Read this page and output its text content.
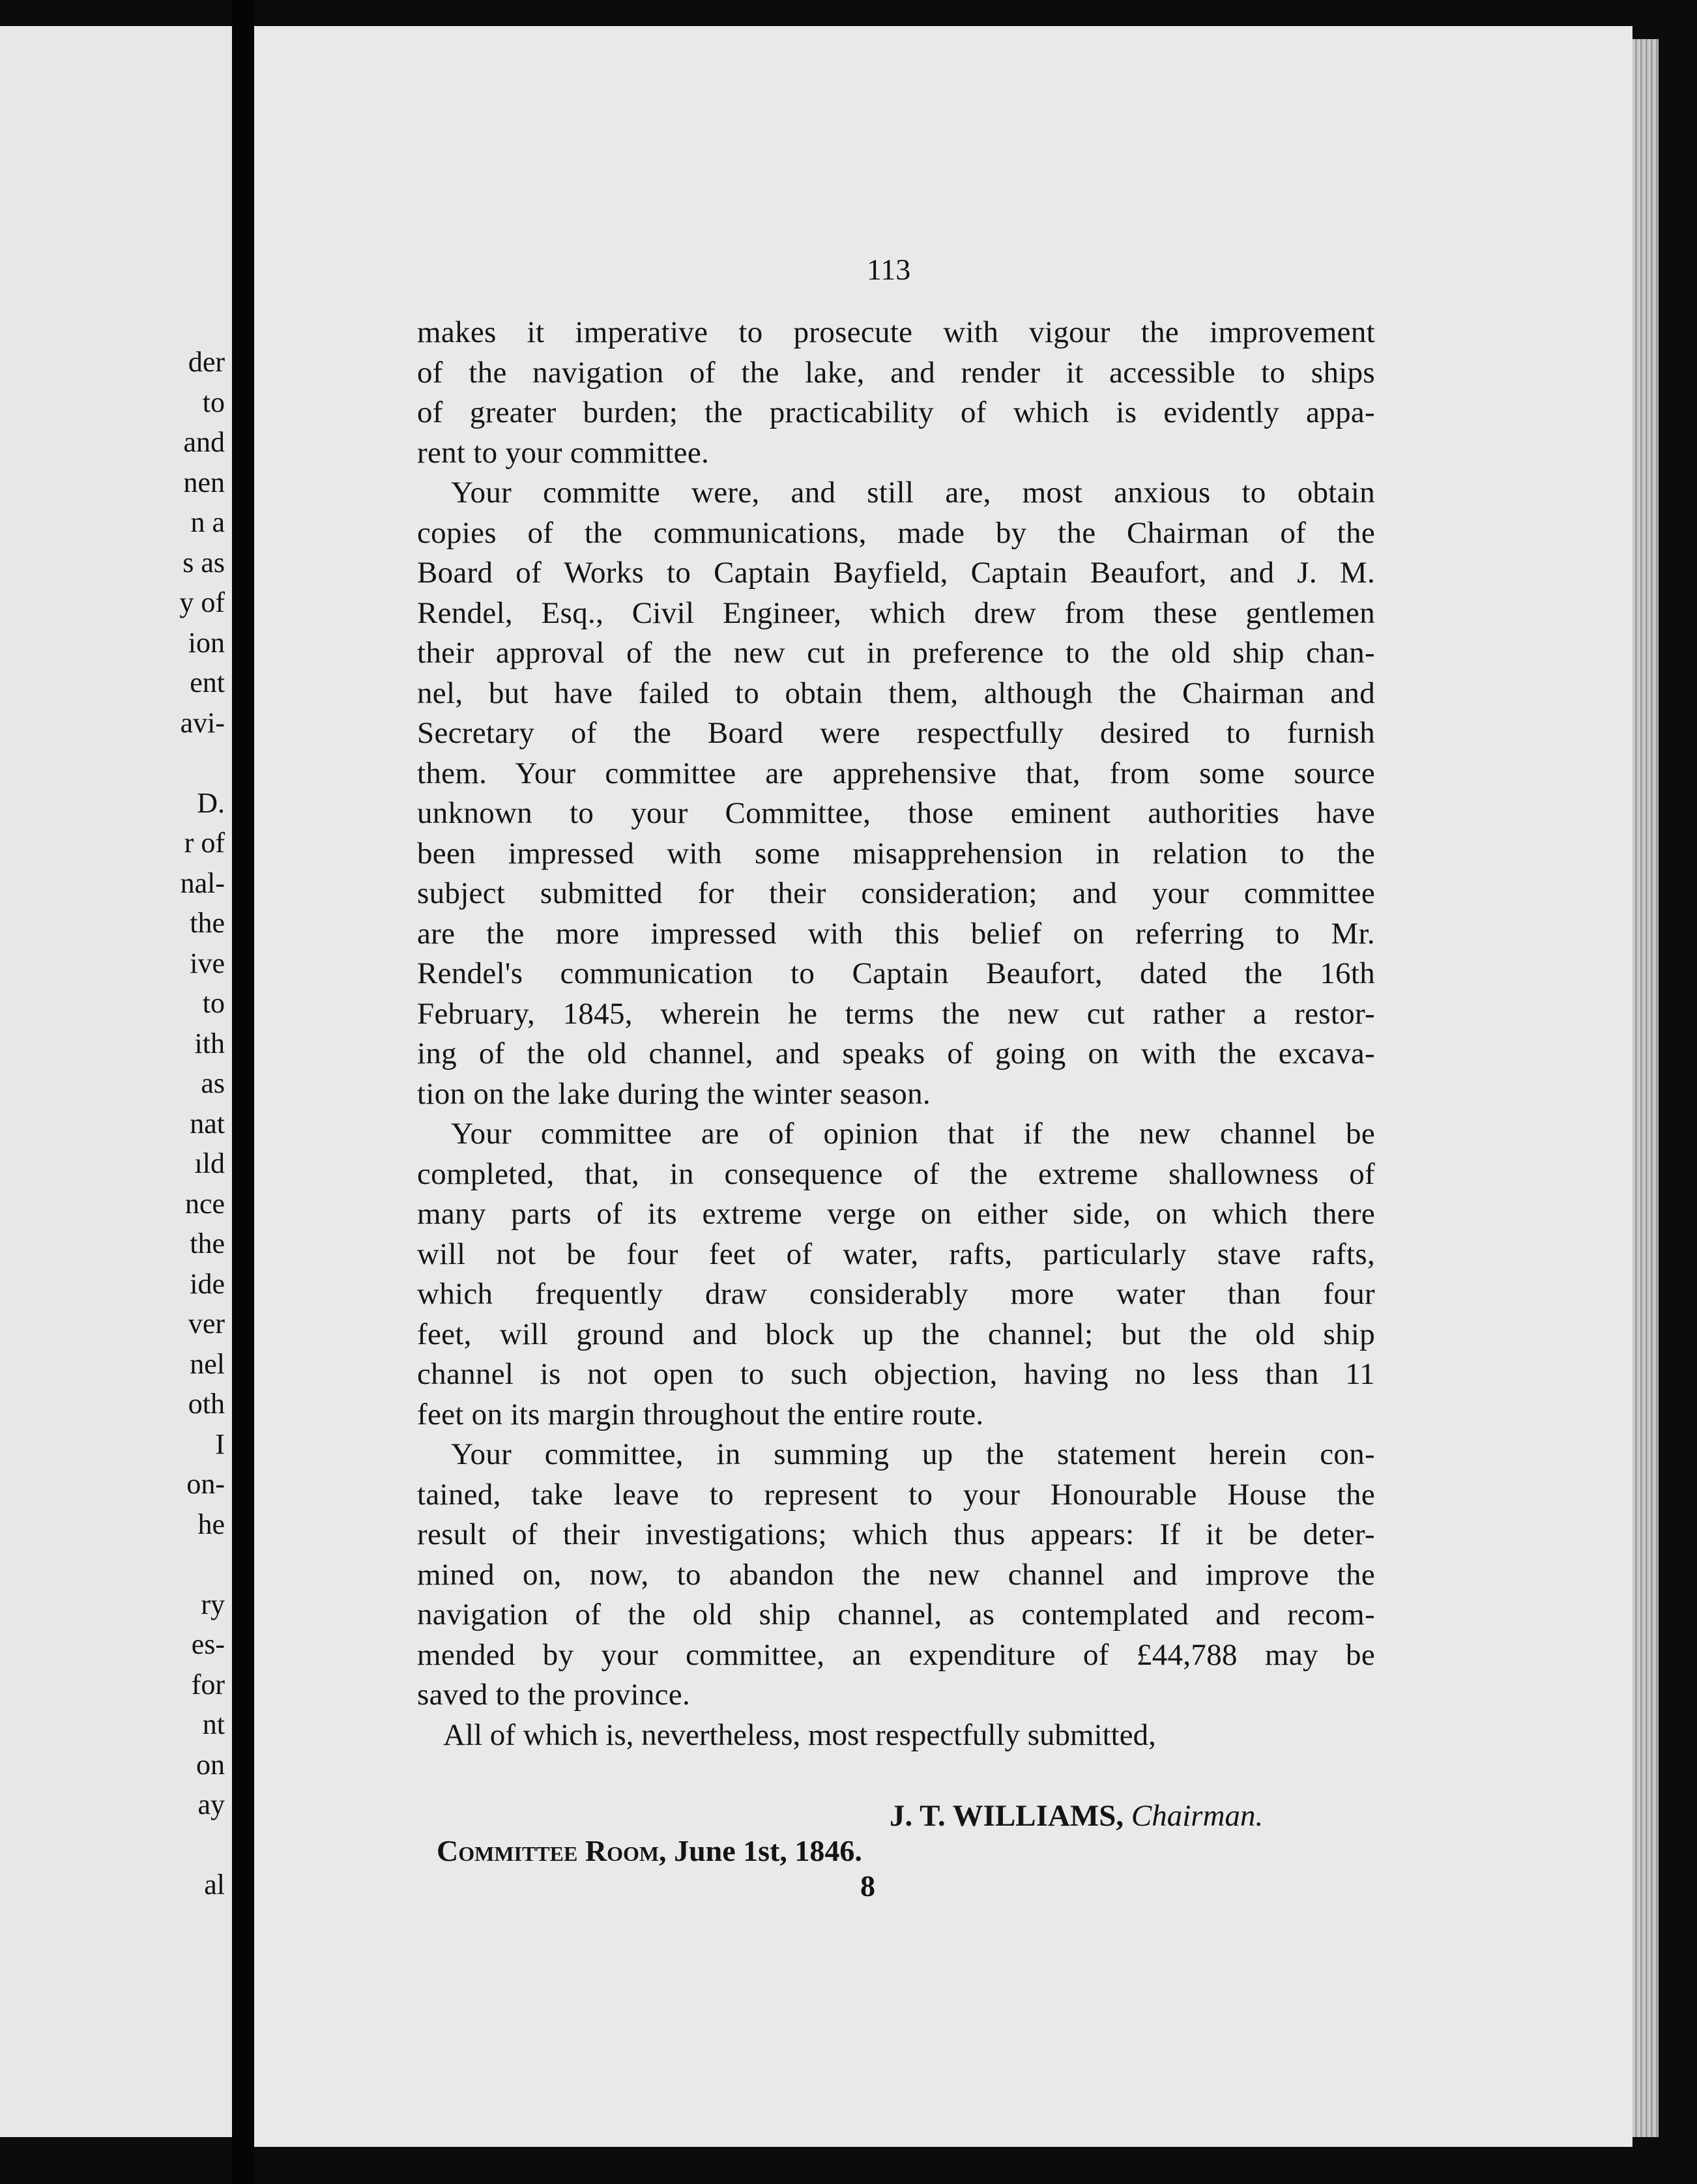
der
to
and
nen
n a
s as
y of
ion
ent
avi-
D.
r of
nal-
the
ive
to
ith
as
nat
ıld
nce
the
ide
ver
nel
oth
I
on-
he
ry
es-
for
nt
on
ay
al
113

makes it imperative to prosecute with vigour the improvement
of the navigation of the lake, and render it accessible to ships
of greater burden; the practicability of which is evidently appa-
rent to your committee.

Your committe were, and still are, most anxious to obtain
copies of the communications, made by the Chairman of the
Board of Works to Captain Bayfield, Captain Beaufort, and J. M.
Rendel, Esq., Civil Engineer, which drew from these gentlemen
their approval of the new cut in preference to the old ship chan-
nel, but have failed to obtain them, although the Chairman and
Secretary of the Board were respectfully desired to furnish
them. Your committee are apprehensive that, from some source
unknown to your Committee, those eminent authorities have
been impressed with some misapprehension in relation to the
subject submitted for their consideration; and your committee
are the more impressed with this belief on referring to Mr.
Rendel's communication to Captain Beaufort, dated the 16th
February, 1845, wherein he terms the new cut rather a restor-
ing of the old channel, and speaks of going on with the excava-
tion on the lake during the winter season.

Your committee are of opinion that if the new channel be
completed, that, in consequence of the extreme shallowness of
many parts of its extreme verge on either side, on which there
will not be four feet of water, rafts, particularly stave rafts,
which frequently draw considerably more water than four
feet, will ground and block up the channel; but the old ship
channel is not open to such objection, having no less than 11
feet on its margin throughout the entire route.

Your committee, in summing up the statement herein con-
tained, take leave to represent to your Honourable House the
result of their investigations; which thus appears: If it be deter-
mined on, now, to abandon the new channel and improve the
navigation of the old ship channel, as contemplated and recom-
mended by your committee, an expenditure of £44,788 may be
saved to the province.

All of which is, nevertheless, most respectfully submitted,
J. T. WILLIAMS, Chairman.
Committee Room, June 1st, 1846.
8
